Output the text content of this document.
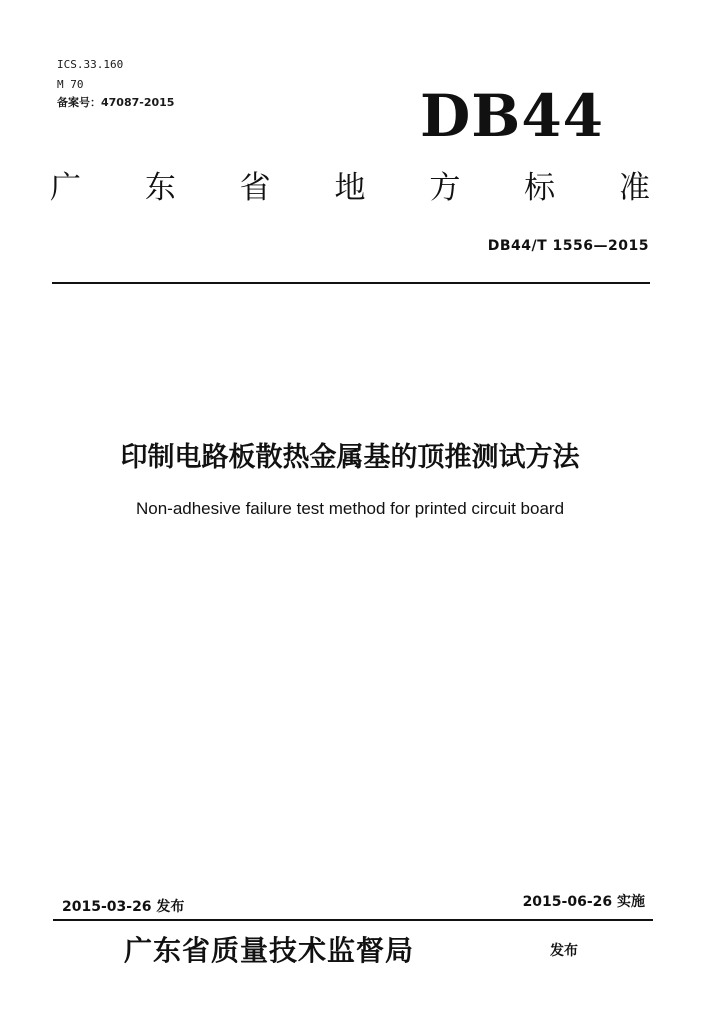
ICS.33.160
M 70
备案号：47087-2015	DB44
广 东 省 地 方 标 准
DB44/T 1556—2015
印制电路板散热金属基的顶推测试方法
Non-adhesive failure test method for printed circuit board
2015-03-26 发布	2015-06-26 实施
广东省质量技术监督局	发布
